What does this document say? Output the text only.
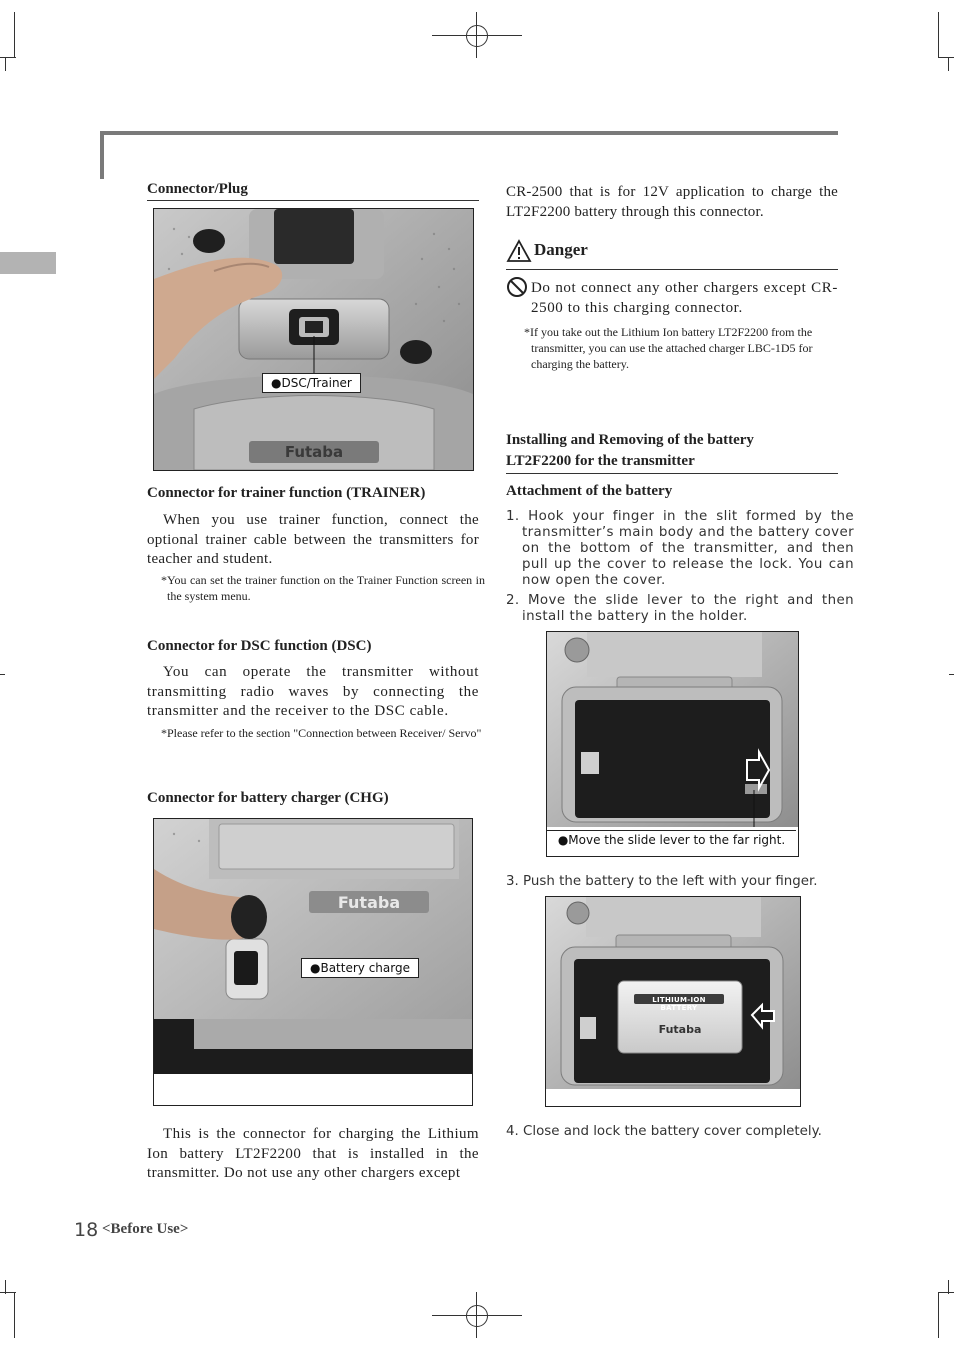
Connector/Plug
Futaba
●DSC/Trainer
Connector for trainer function (TRAINER)
When you use trainer function, connect the optional trainer cable between the transmitters for teacher and student.
*You can set the trainer function on the Trainer Function screen in the system menu.
Connector for DSC function (DSC)
You can operate the transmitter without transmitting radio waves by connecting the transmitter and the receiver to the DSC cable.
*Please refer to the section "Connection between Receiver/ Servo"
Connector for battery charger (CHG)
Futaba
●Battery charge
This is the connector for charging the Lithium Ion battery LT2F2200 that is installed in the transmitter. Do not use any other chargers except
CR-2500 that is for 12V application to charge the LT2F2200 battery through this connector.
Danger
Do not connect any other chargers except CR-2500 to this charging connector.
*If you take out the Lithium Ion battery LT2F2200 from the transmitter, you can use the attached charger LBC-1D5 for charging the battery.
Installing and Removing of the battery
LT2F2200 for the transmitter
Attachment of the battery
1. Hook your finger in the slit formed by the transmitter’s main body and the battery cover on the bottom of the transmitter, and then pull up the cover to release the lock. You can now open the cover.
2. Move the slide lever to the right and then install the battery in the holder.
●Move the slide lever to the far right.
3. Push the battery to the left with your finger.
LITHIUM-ION BATTERY
Futaba
4. Close and lock the battery cover completely.
18 <Before Use>
